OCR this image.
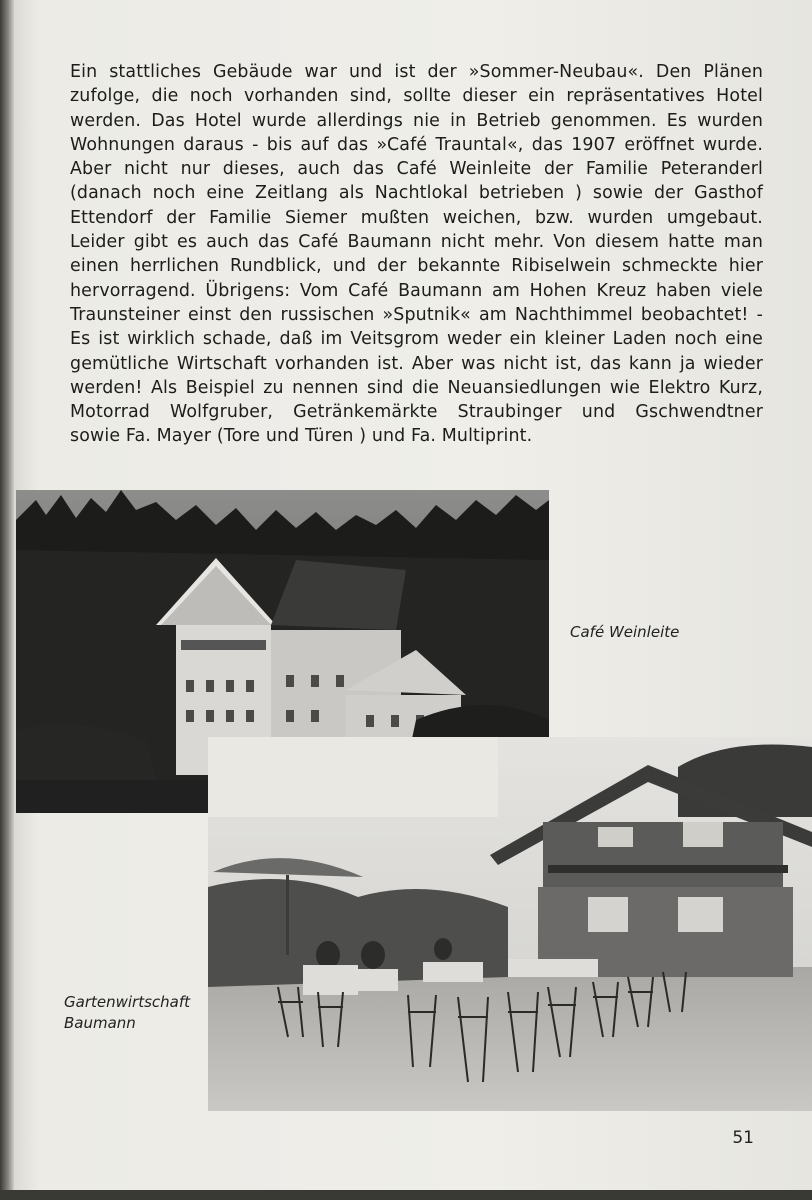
Ein stattliches Gebäude war und ist der »Sommer-Neubau«. Den Plänen
zufolge, die noch vorhanden sind, sollte dieser ein repräsentatives Hotel
werden. Das Hotel wurde allerdings nie in Betrieb genommen. Es wurden
Wohnungen daraus - bis auf das »Café Trauntal«, das 1907 eröffnet wurde.
Aber nicht nur dieses, auch das Café Weinleite der Familie Peteranderl
(danach noch eine Zeitlang als Nachtlokal betrieben ) sowie der Gasthof
Ettendorf der Familie Siemer mußten weichen, bzw. wurden umgebaut.
Leider gibt es auch das Café Baumann nicht mehr. Von diesem hatte man
einen herrlichen Rundblick, und der bekannte Ribiselwein schmeckte hier
hervorragend. Übrigens: Vom Café Baumann am Hohen Kreuz haben viele
Traunsteiner einst den russischen »Sputnik« am Nachthimmel beobachtet! -
Es ist wirklich schade, daß im Veitsgrom weder ein kleiner Laden noch eine
gemütliche Wirtschaft vorhanden ist. Aber was nicht ist, das kann ja wieder
werden! Als Beispiel zu nennen sind die Neuansiedlungen wie Elektro Kurz,
Motorrad Wolfgruber, Getränkemärkte Straubinger und Gschwendtner
sowie Fa. Mayer (Tore und Türen ) und Fa. Multiprint.
Café Weinleite
Gartenwirtschaft
Baumann
51
